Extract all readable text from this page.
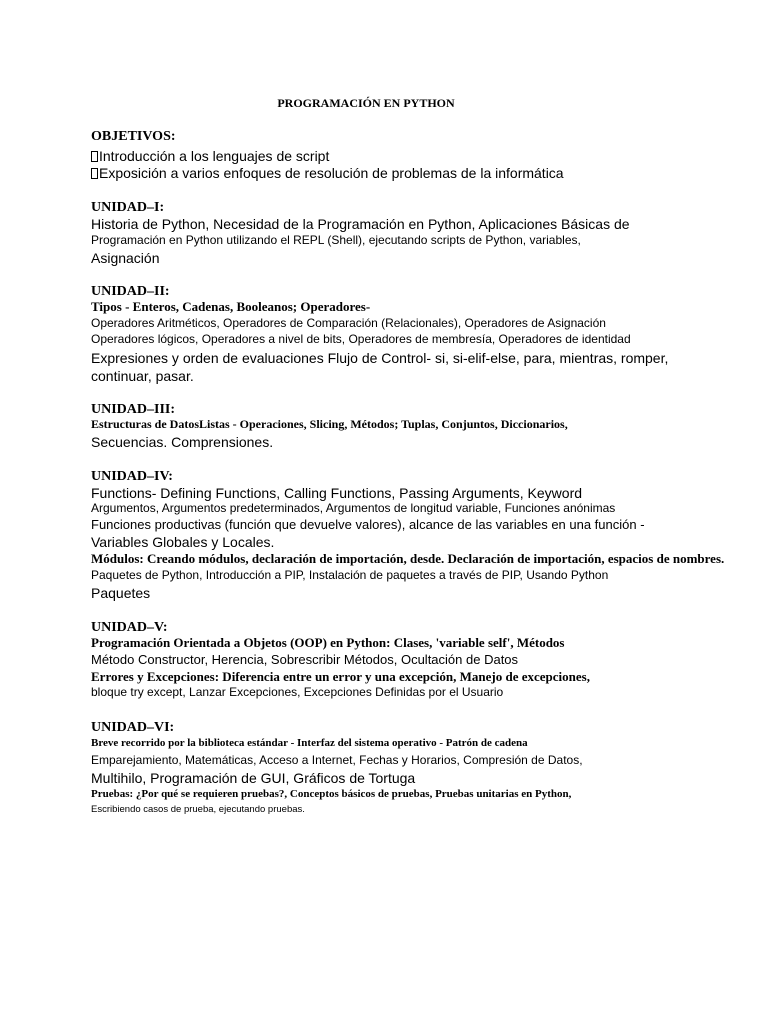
PROGRAMACIÓN EN PYTHON
OBJETIVOS:
Introducción a los lenguajes de script
Exposición a varios enfoques de resolución de problemas de la informática
UNIDAD–I:
Historia de Python, Necesidad de la Programación en Python, Aplicaciones Básicas de
Programación en Python utilizando el REPL (Shell), ejecutando scripts de Python, variables,
Asignación
UNIDAD–II:
Tipos - Enteros, Cadenas, Booleanos; Operadores-
Operadores Aritméticos, Operadores de Comparación (Relacionales), Operadores de Asignación
Operadores lógicos, Operadores a nivel de bits, Operadores de membresía, Operadores de identidad
Expresiones y orden de evaluaciones Flujo de Control- si, si-elif-else, para, mientras, romper,
continuar, pasar.
UNIDAD–III:
Estructuras de DatosListas - Operaciones, Slicing, Métodos; Tuplas, Conjuntos, Diccionarios,
Secuencias. Comprensiones.
UNIDAD–IV:
Functions- Defining Functions, Calling Functions, Passing Arguments, Keyword
Argumentos, Argumentos predeterminados, Argumentos de longitud variable, Funciones anónimas
Funciones productivas (función que devuelve valores), alcance de las variables en una función -
Variables Globales y Locales.
Módulos: Creando módulos, declaración de importación, desde. Declaración de importación, espacios de nombres.
Paquetes de Python, Introducción a PIP, Instalación de paquetes a través de PIP, Usando Python
Paquetes
UNIDAD–V:
Programación Orientada a Objetos (OOP) en Python: Clases, 'variable self', Métodos
Método Constructor, Herencia, Sobrescribir Métodos, Ocultación de Datos
Errores y Excepciones: Diferencia entre un error y una excepción, Manejo de excepciones,
bloque try except, Lanzar Excepciones, Excepciones Definidas por el Usuario
UNIDAD–VI:
Breve recorrido por la biblioteca estándar - Interfaz del sistema operativo - Patrón de cadena
Emparejamiento, Matemáticas, Acceso a Internet, Fechas y Horarios, Compresión de Datos,
Multihilo, Programación de GUI, Gráficos de Tortuga
Pruebas: ¿Por qué se requieren pruebas?, Conceptos básicos de pruebas, Pruebas unitarias en Python,
Escribiendo casos de prueba, ejecutando pruebas.
